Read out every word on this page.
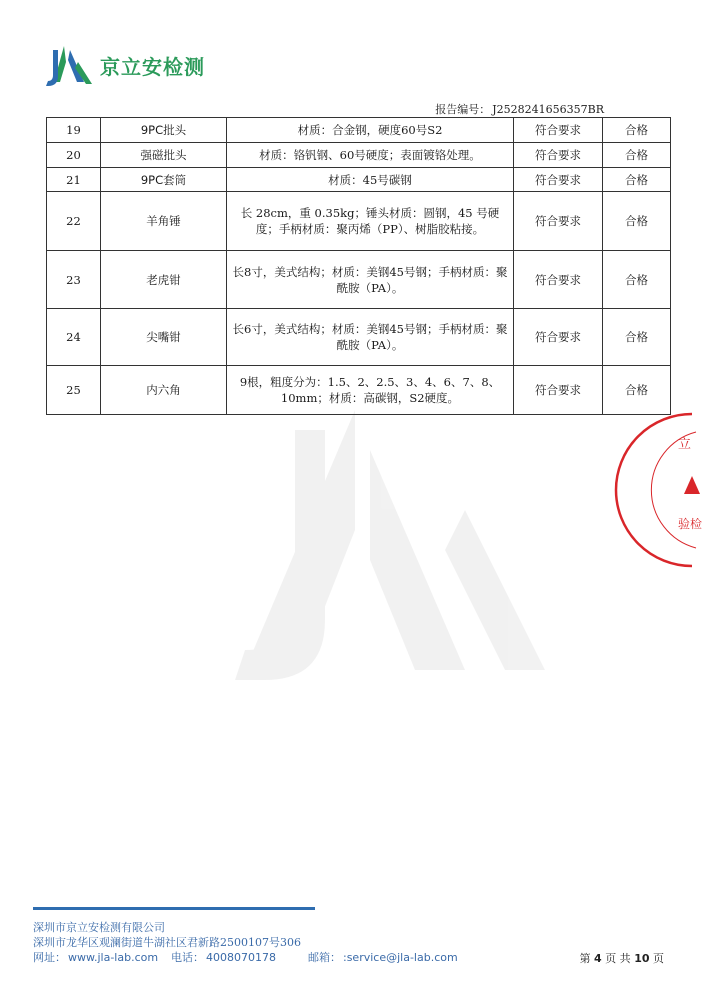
京立安检测
报告编号： J2528241656357BR
19	9PC批头	材质：合金钢，硬度60号S2	符合要求	合格
20	强磁批头	材质：铬钒钢、60号硬度；表面镀铬处理。	符合要求	合格
21	9PC套筒	材质：45号碳钢	符合要求	合格
22	羊角锤	长 28cm，重 0.35kg；锤头材质：圆钢，45 号硬度；手柄材质：聚丙烯（PP）、树脂胶粘接。	符合要求	合格
23	老虎钳	长8寸，美式结构；材质：美钢45号钢；手柄材质：聚酰胺（PA）。	符合要求	合格
24	尖嘴钳	长6寸，美式结构；材质：美钢45号钢；手柄材质：聚酰胺（PA）。	符合要求	合格
25	内六角	9根，粗度分为：1.5、2、2.5、3、4、6、7、8、10mm；材质：高碳钢，S2硬度。	符合要求	合格
立
验检
深圳市京立安检测有限公司
深圳市龙华区观澜街道牛湖社区君新路2500107号306
网址： www.jla-lab.com 电话： 4008070178	邮箱： :service@jla-lab.com	第 4 页 共 10 页
